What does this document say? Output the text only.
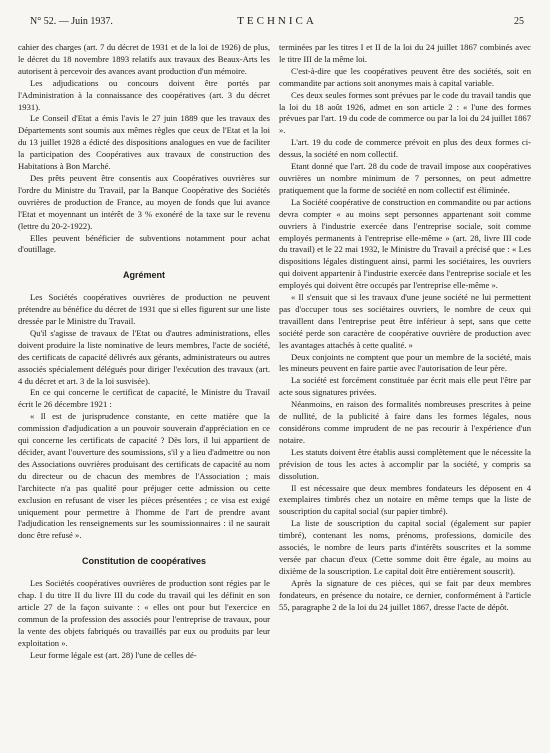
N° 52. — Juin 1937.	TECHNICA	25

cahier des charges (art. 7 du décret de 1931 et de la loi de 1926) de plus, le décret du 18 novembre 1893 relatifs aux travaux des Beaux-Arts les autorisent à percevoir des avances avant production d'un mémoire.

Les adjudications ou concours doivent être portés par l'Administration à la connaissance des coopératives (art. 3 du décret 1931).

Le Conseil d'Etat a émis l'avis le 27 juin 1889 que les travaux des Départements sont soumis aux mêmes règles que ceux de l'Etat et la loi du 13 juillet 1928 a édicté des dispositions analogues en vue de faciliter la participation des Coopératives aux travaux de construction des Habitations à Bon Marché.

Des prêts peuvent être consentis aux Coopératives ouvrières sur l'ordre du Ministre du Travail, par la Banque Coopérative des Sociétés ouvrières de production de France, au moyen de fonds que lui avance l'Etat et moyennant un intérêt de 3 % exonéré de la taxe sur le revenu (lettre du 20-2-1922).

Elles peuvent bénéficier de subventions notamment pour achat d'outillage.

Agrément

Les Sociétés coopératives ouvrières de production ne peuvent prétendre au bénéfice du décret de 1931 que si elles figurent sur une liste dressée par le Ministre du Travail.

Qu'il s'agisse de travaux de l'Etat ou d'autres administrations, elles doivent produire la liste nominative de leurs membres, l'acte de société, des certificats de capacité délivrés aux gérants, administrateurs ou autres associés spécialement délégués pour diriger l'exécution des travaux (art. 4 du décret et art. 3 de la loi susvisée).

En ce qui concerne le certificat de capacité, le Ministre du Travail écrit le 26 décembre 1921 :

« Il est de jurisprudence constante, en cette matière que la commission d'adjudication a un pouvoir souverain d'appréciation en ce qui concerne les certificats de capacité ? Dès lors, il lui appartient de décider, avant l'ouverture des soumissions, s'il y a lieu d'admettre ou non des Associations ouvrières produisant des certificats de capacité au nom du directeur ou de chacun des membres de l'Association ; mais l'architecte n'a pas qualité pour préjuger cette admission ou cette exclusion en refusant de viser les pièces présentées ; ce visa est exigé uniquement pour permettre à l'homme de l'art de prendre avant l'adjudication les renseignements sur les soumissionnaires : il ne saurait donc être refusé ».

Constitution de coopératives

Les Sociétés coopératives ouvrières de production sont régies par le chap. I du titre II du livre III du code du travail qui les définit en son article 27 de la façon suivante : « elles ont pour but l'exercice en commun de la profession des associés pour l'entreprise de travaux, pour la vente des objets fabriqués ou travaillés par eux ou produits par leur exploitation ».

Leur forme légale est (art. 28) l'une de celles dé-

terminées par les titres I et II de la loi du 24 juillet 1867 combinés avec le titre III de la même loi.

C'est-à-dire que les coopératives peuvent être des sociétés, soit en commandite par actions soit anonymes mais à capital variable.

Ces deux seules formes sont prévues par le code du travail tandis que la loi du 18 août 1926, admet en son article 2 : « l'une des formes prévues par l'art. 19 du code de commerce ou par la loi du 24 juillet 1867 ».

L'art. 19 du code de commerce prévoit en plus des deux formes ci-dessus, la société en nom collectif.

Etant donné que l'art. 28 du code de travail impose aux coopératives ouvrières un nombre minimum de 7 personnes, on peut admettre pratiquement que la forme de société en nom collectif est éliminée.

La Société coopérative de construction en commandite ou par actions devra compter « au moins sept personnes appartenant soit comme ouvriers à l'industrie exercée dans l'entreprise sociale, soit comme employés permanents à l'entreprise elle-même » (art. 28, livre III code du travail) et le 22 mai 1932, le Ministre du Travail a précisé que : « Les dispositions légales distinguent ainsi, parmi les sociétaires, les ouvriers qui doivent appartenir à l'industrie exercée dans l'entreprise sociale et les employés qui doivent être occupés par l'entreprise elle-même ».

« Il s'ensuit que si les travaux d'une jeune société ne lui permettent pas d'occuper tous ses sociétaires ouvriers, le nombre de ceux qui travaillent dans l'entreprise peut être inférieur à sept, sans que cette société perde son caractère de coopérative ouvrière de production avec les avantages attachés à cette qualité. »

Deux conjoints ne comptent que pour un membre de la société, mais les mineurs peuvent en faire partie avec l'autorisation de leur père.

La société est forcément constituée par écrit mais elle peut l'être par acte sous signatures privées.

Néanmoins, en raison des formalités nombreuses prescrites à peine de nullité, de la publicité à faire dans les formes légales, nous considérons comme imprudent de ne pas recourir à l'expérience d'un notaire.

Les statuts doivent être établis aussi complètement que le nécessite la prévision de tous les actes à accomplir par la société, y compris sa dissolution.

Il est nécessaire que deux membres fondateurs les déposent en 4 exemplaires timbrés chez un notaire en même temps que la liste de souscription du capital social (sur papier timbré).

La liste de souscription du capital social (également sur papier timbré), contenant les noms, prénoms, professions, domicile des associés, le nombre de leurs parts d'intérêts souscrites et la somme versée par chacun d'eux (Cette somme doit être égale, au moins au dixième de la souscription. Le capital doit être entièrement souscrit).

Après la signature de ces pièces, qui se fait par deux membres fondateurs, en présence du notaire, ce dernier, conformément à l'article 55, paragraphe 2 de la loi du 24 juillet 1867, dresse l'acte de dépôt.
